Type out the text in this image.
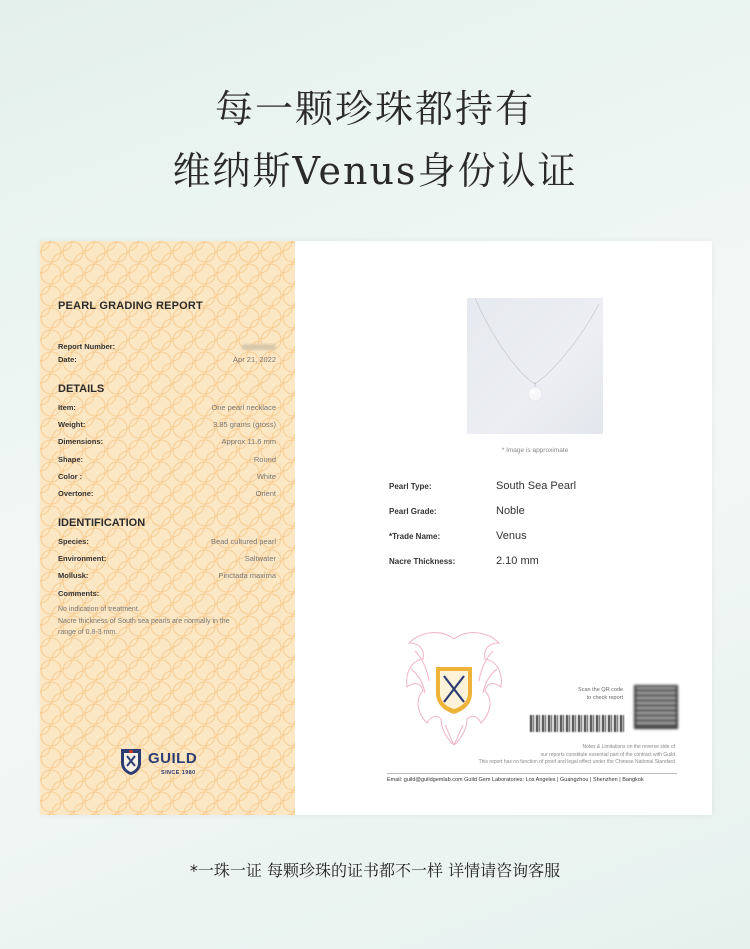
每一颗珍珠都持有
维纳斯Venus身份认证
PEARL GRADING REPORT
Report Number:
Date:	Apr 21, 2022
DETAILS
Item:	One pearl necklace
Weight:	3.85 grams (gross)
Dimensions:	Approx 11.6 mm
Shape:	Round
Color :	White
Overtone:	Orient
IDENTIFICATION
Species:	Bead cultured pearl
Environment:	Saltwater
Mollusk:	Pinctada maxima
Comments:
No indication of treatment.
Nacre thickness of South sea pearls are normally in the
range of 0.8-3 mm.
GUILD
SINCE 1980
* Image is approximate
Pearl Type:	South Sea Pearl
Pearl Grade:	Noble
*Trade Name:	Venus
Nacre Thickness:	2.10 mm
Scan the QR code
to check report
Notes & Limitations on the reverse side of
our reports constitute essential part of the contract with Guild
This report has no function of proof and legal effect under the Chinese National Standard
Email: guild@guildgemlab.com Guild Gem Laboratories: Los Angeles | Guangzhou | Shenzhen | Bangkok
*一珠一证 每颗珍珠的证书都不一样 详情请咨询客服
